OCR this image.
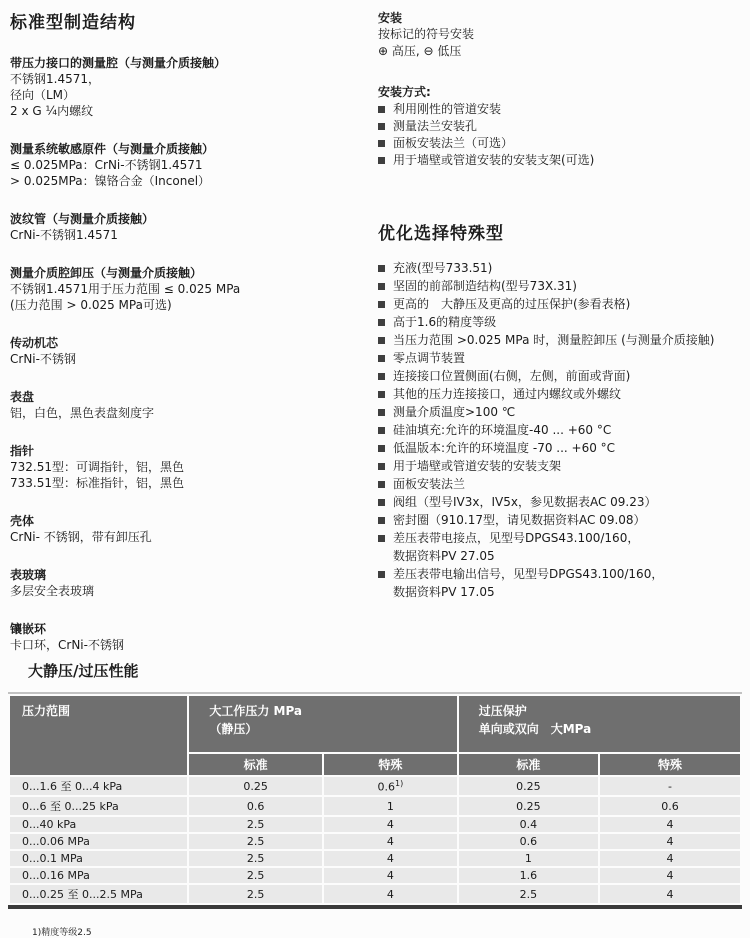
标准型制造结构
带压力接口的测量腔（与测量介质接触）
不锈钢1.4571，
径向（LM）
2 x G ¼内螺纹
测量系统敏感原件（与测量介质接触）
≤ 0.025MPa：CrNi-不锈钢1.4571
> 0.025MPa：镍铬合金（Inconel）
波纹管（与测量介质接触）
CrNi-不锈钢1.4571
测量介质腔卸压（与测量介质接触）
不锈钢1.4571用于压力范围 ≤ 0.025 MPa
(压力范围 > 0.025 MPa可选)
传动机芯
CrNi-不锈钢
表盘
铝，白色，黑色表盘刻度字
指针
732.51型：可调指针，铝，黑色
733.51型：标准指针，铝，黑色
壳体
CrNi- 不锈钢，带有卸压孔
表玻璃
多层安全表玻璃
镶嵌环
卡口环，CrNi-不锈钢
安装
按标记的符号安装
⊕ 高压, ⊖ 低压
安装方式:
利用刚性的管道安装
测量法兰安装孔
面板安装法兰（可选）
用于墙壁或管道安装的安装支架(可选)
优化选择特殊型
充液(型号733.51)
坚固的前部制造结构(型号73X.31)
更高的　大静压及更高的过压保护(参看表格)
高于1.6的精度等级
当压力范围 >0.025 MPa 时，测量腔卸压 (与测量介质接触)
零点调节装置
连接接口位置侧面(右侧，左侧，前面或背面)
其他的压力连接接口，通过内螺纹或外螺纹
测量介质温度>100 ℃
硅油填充:允许的环境温度-40 ... +60 °C
低温版本:允许的环境温度 -70 ... +60 °C
用于墙壁或管道安装的安装支架
面板安装法兰
阀组（型号IV3x，IV5x，参见数据表AC 09.23）
密封圈（910.17型，请见数据资料AC 09.08）
差压表带电接点，见型号DPGS43.100/160，
数据资料PV 27.05
差压表带电输出信号，见型号DPGS43.100/160，
数据资料PV 17.05
大静压/过压性能
压力范围	大工作压力 MPa
（静压）		过压保护
单向或双向　大MPa	
	标准	特殊	标准	特殊
0...1.6 至 0...4 kPa	0.25	0.6$^{1)}$	0.25	-
0...6 至 0...25 kPa	0.6	1	0.25	0.6
0...40 kPa	2.5	4	0.4	4
0...0.06 MPa	2.5	4	0.6	4
0...0.1 MPa	2.5	4	1	4
0...0.16 MPa	2.5	4	1.6	4
0...0.25 至 0...2.5 MPa	2.5	4	2.5	4
1)精度等级2.5
